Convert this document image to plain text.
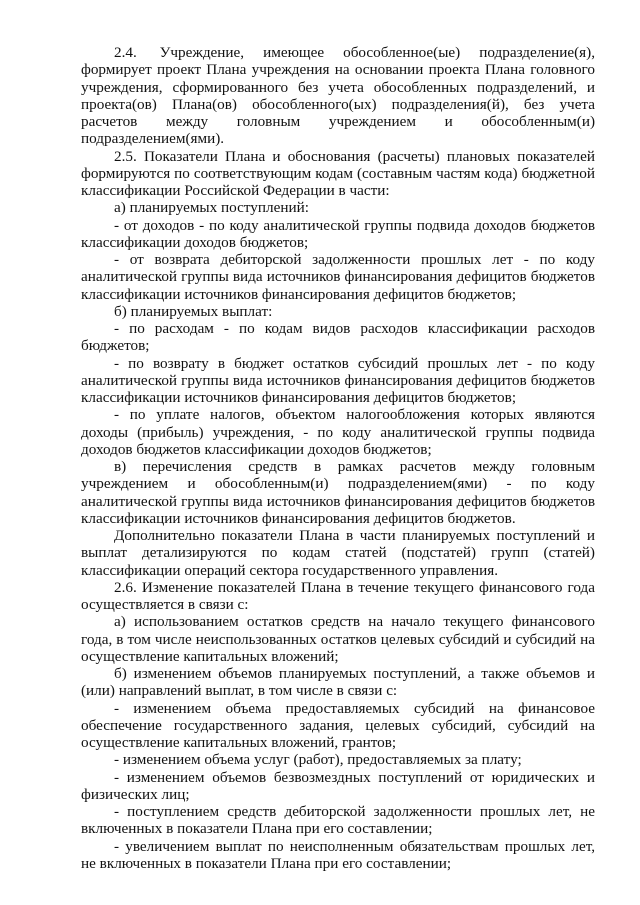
2.4.      Учреждение,     имеющее     обособленное(ые)     подразделение(я), формирует проект Плана учреждения на основании проекта Плана головного учреждения, сформированного без учета обособленных подразделений, и проекта(ов) Плана(ов) обособленного(ых) подразделения(й), без учета расчетов между головным учреждением и обособленным(и) подразделением(ями).

2.5. Показатели Плана и обоснования (расчеты) плановых показателей формируются по соответствующим кодам (составным частям кода) бюджетной классификации Российской Федерации в части:

а) планируемых поступлений:

- от доходов - по коду аналитической группы подвида доходов бюджетов классификации доходов бюджетов;

- от возврата дебиторской задолженности прошлых лет - по коду аналитической группы вида источников финансирования дефицитов бюджетов классификации источников финансирования дефицитов бюджетов;

б) планируемых выплат:

- по расходам - по кодам видов расходов классификации расходов бюджетов;

- по возврату в бюджет остатков субсидий прошлых лет - по коду аналитической группы вида источников финансирования дефицитов бюджетов классификации источников финансирования дефицитов бюджетов;

- по уплате налогов, объектом налогообложения которых являются доходы (прибыль) учреждения, - по коду аналитической группы подвида доходов бюджетов классификации доходов бюджетов;

в) перечисления средств в рамках расчетов между головным учреждением и обособленным(и) подразделением(ями) - по коду аналитической группы вида источников финансирования дефицитов бюджетов классификации источников финансирования дефицитов бюджетов.

Дополнительно показатели Плана в части планируемых поступлений и выплат детализируются по кодам статей (подстатей) групп (статей) классификации операций сектора государственного управления.

2.6. Изменение показателей Плана в течение текущего финансового года осуществляется в связи с:

а) использованием остатков средств на начало текущего финансового года, в том числе неиспользованных остатков целевых субсидий и субсидий на осуществление капитальных вложений;

б) изменением объемов планируемых поступлений, а также объемов и (или) направлений выплат, в том числе в связи с:

- изменением объема предоставляемых субсидий на финансовое обеспечение государственного задания, целевых субсидий, субсидий на осуществление капитальных вложений, грантов;

- изменением объема услуг (работ), предоставляемых за плату;

- изменением объемов безвозмездных поступлений от юридических и физических лиц;

- поступлением средств дебиторской задолженности прошлых лет, не включенных в показатели Плана при его составлении;

- увеличением выплат по неисполненным обязательствам прошлых лет, не включенных в показатели Плана при его составлении;
